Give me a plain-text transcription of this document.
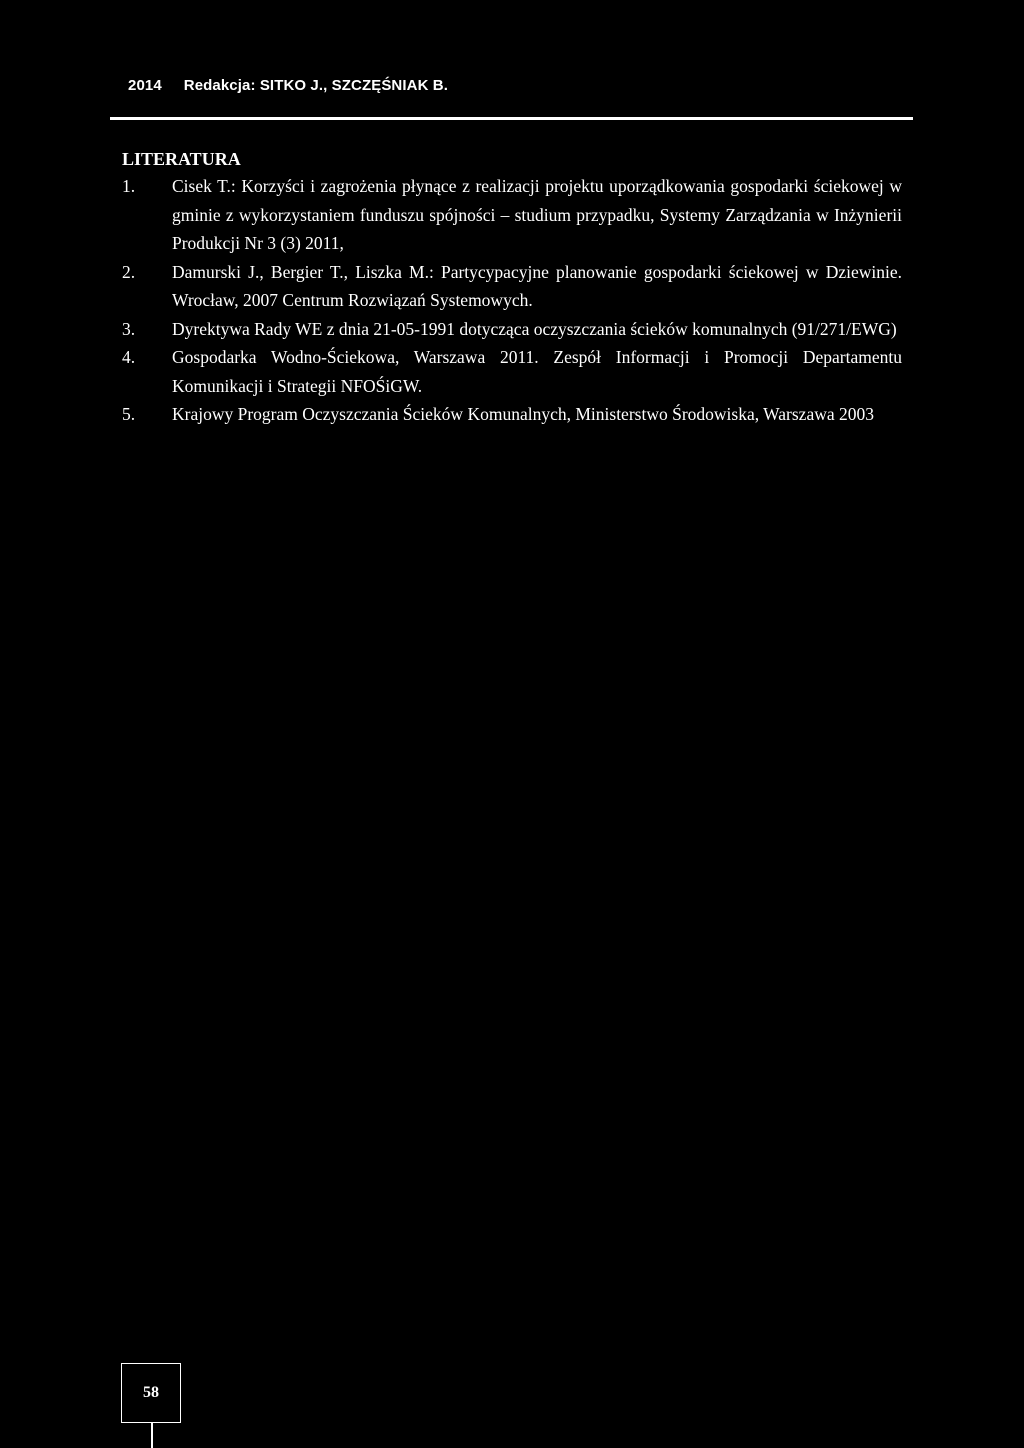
2014 Redakcja: SITKO J., SZCZĘŚNIAK B.
LITERATURA
1.	Cisek T.: Korzyści i zagrożenia płynące z realizacji projektu uporządkowania gospodarki ściekowej w gminie z wykorzystaniem funduszu spójności – studium przypadku, Systemy Zarządzania w Inżynierii Produkcji Nr 3 (3) 2011,
2.	Damurski J., Bergier T., Liszka M.: Partycypacyjne planowanie gospodarki ściekowej w Dziewinie. Wrocław, 2007 Centrum Rozwiązań Systemowych.
3.	Dyrektywa Rady WE z dnia 21-05-1991 dotycząca oczyszczania ścieków komunalnych (91/271/EWG)
4.	Gospodarka Wodno-Ściekowa, Warszawa 2011. Zespół Informacji i Promocji Departamentu Komunikacji i Strategii NFOŚiGW.
5.	Krajowy Program Oczyszczania Ścieków Komunalnych, Ministerstwo Środowiska, Warszawa 2003
58
